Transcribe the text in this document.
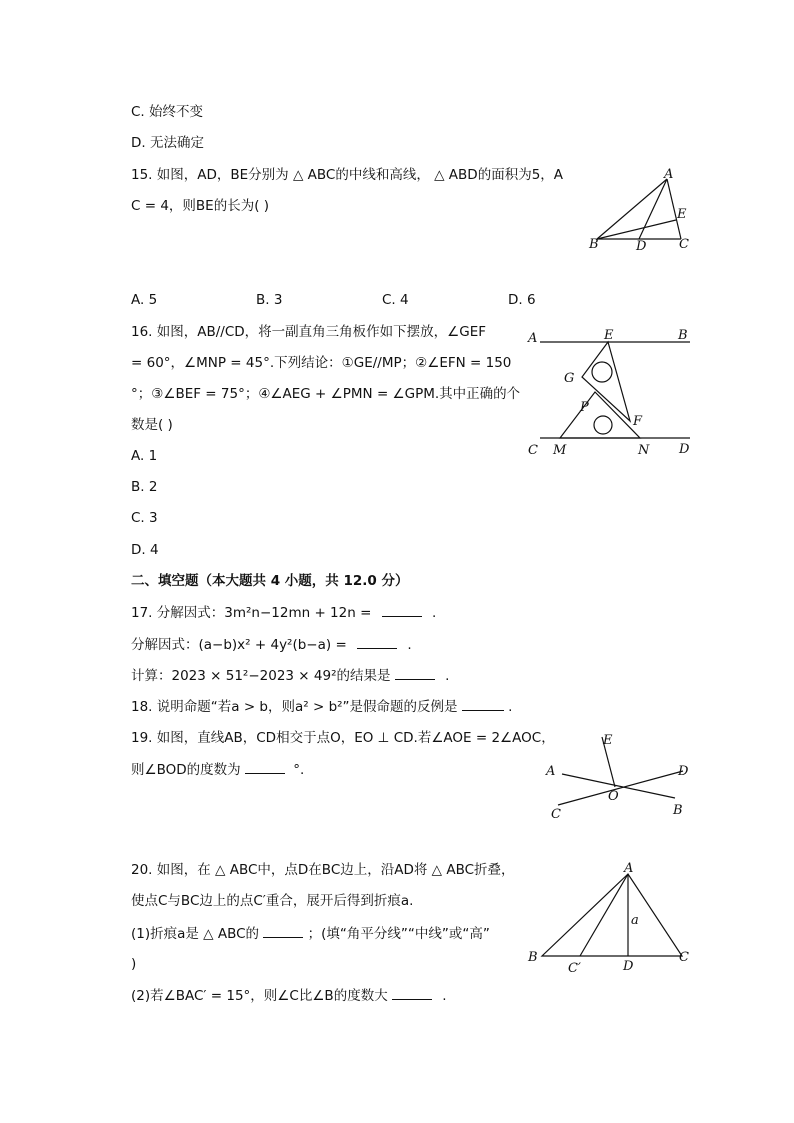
C. 始终不变
D. 无法确定
15. 如图，AD，BE分别为 △ ABC的中线和高线， △ ABD的面积为5，A
C = 4，则BE的长为( )
A
E
B	D	C
A. 5	B. 3	C. 4	D. 6
16. 如图，AB//CD，将一副直角三角板作如下摆放，∠GEF
= 60°，∠MNP = 45°.下列结论：①GE//MP；②∠EFN = 150
°；③∠BEF = 75°；④∠AEG + ∠PMN = ∠GPM.其中正确的个
数是( )
A	E	B
G
P
F
C M	N D
A. 1
B. 2
C. 3
D. 4
二、填空题（本大题共 4 小题，共 12.0 分）
17. 分解因式：3m²n−12mn + 12n =	.
分解因式：(a−b)x² + 4y²(b−a) =	.
计算：2023 × 51²−2023 × 49²的结果是	.
18. 说明命题“若a > b，则a² > b²”是假命题的反例是	.
19. 如图，直线AB，CD相交于点O，EO ⊥ CD.若∠AOE = 2∠AOC，
则∠BOD的度数为	°.
E
A	D
O
C	B
20. 如图，在 △ ABC中，点D在BC边上，沿AD将 △ ABC折叠，
使点C与BC边上的点C′重合，展开后得到折痕a.
(1)折痕a是 △ ABC的	；(填“角平分线”“中线”或“高”
)
(2)若∠BAC′ = 15°，则∠C比∠B的度数大	.
A
a
B
C′	D
C
